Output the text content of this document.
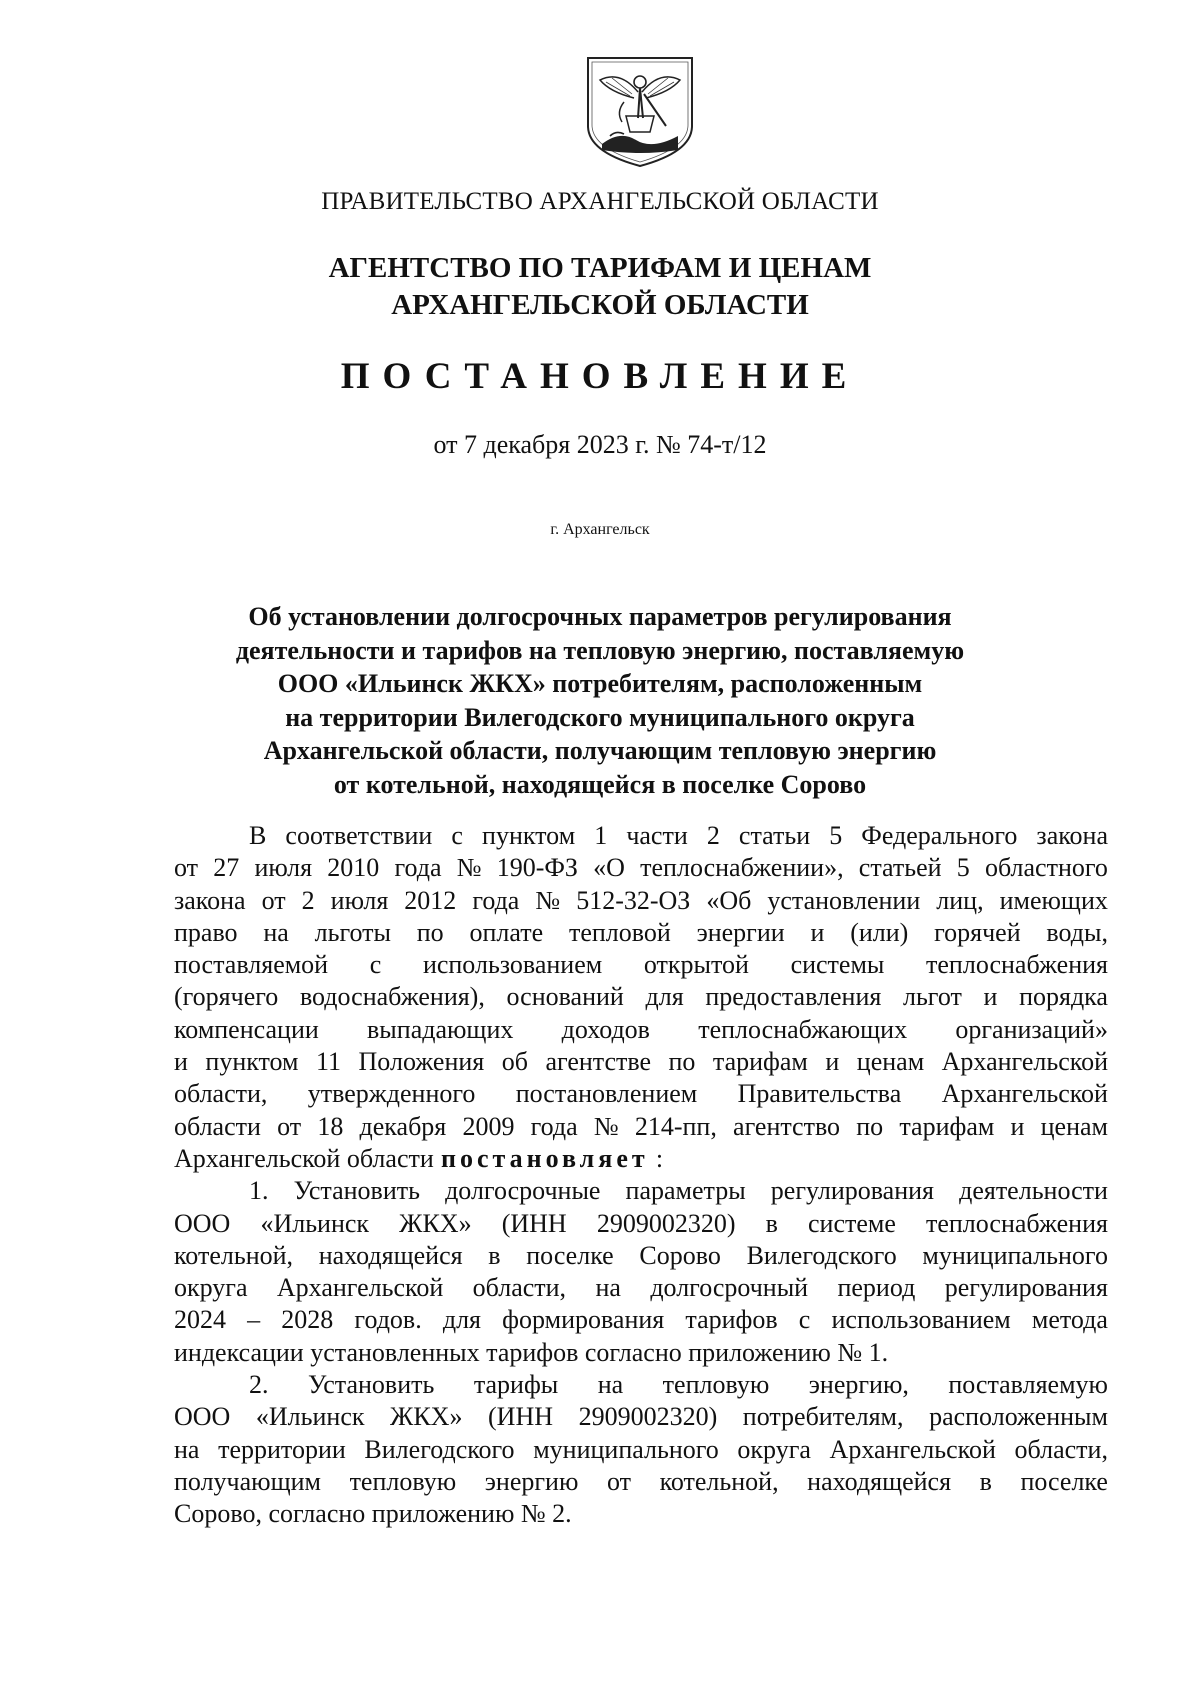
ПРАВИТЕЛЬСТВО АРХАНГЕЛЬСКОЙ ОБЛАСТИ
АГЕНТСТВО ПО ТАРИФАМ И ЦЕНАМ
АРХАНГЕЛЬСКОЙ ОБЛАСТИ
ПОСТАНОВЛЕНИЕ
от 7 декабря 2023 г. № 74-т/12
г. Архангельск
Об установлении долгосрочных параметров регулирования
деятельности и тарифов на тепловую энергию, поставляемую
ООО «Ильинск ЖКХ» потребителям, расположенным
на территории Вилегодского муниципального округа
Архангельской области, получающим тепловую энергию
от котельной, находящейся в поселке Сорово
В соответствии с пунктом 1 части 2 статьи 5 Федерального закона
от 27 июля 2010 года № 190-ФЗ «О теплоснабжении», статьей 5 областного
закона от 2 июля 2012 года № 512-32-ОЗ «Об установлении лиц, имеющих
право на льготы по оплате тепловой энергии и (или) горячей воды,
поставляемой с использованием открытой системы теплоснабжения
(горячего водоснабжения), оснований для предоставления льгот и порядка
компенсации выпадающих доходов теплоснабжающих организаций»
и пунктом 11 Положения об агентстве по тарифам и ценам Архангельской
области, утвержденного постановлением Правительства Архангельской
области от 18 декабря 2009 года № 214-пп, агентство по тарифам и ценам
Архангельской области постановляет :
1. Установить долгосрочные параметры регулирования деятельности
ООО «Ильинск ЖКХ» (ИНН 2909002320) в системе теплоснабжения
котельной, находящейся в поселке Сорово Вилегодского муниципального
округа Архангельской области, на долгосрочный период регулирования
2024 – 2028 годов. для формирования тарифов с использованием метода
индексации установленных тарифов согласно приложению № 1.
2. Установить тарифы на тепловую энергию, поставляемую
ООО «Ильинск ЖКХ» (ИНН 2909002320) потребителям, расположенным
на территории Вилегодского муниципального округа Архангельской области,
получающим тепловую энергию от котельной, находящейся в поселке
Сорово, согласно приложению № 2.
